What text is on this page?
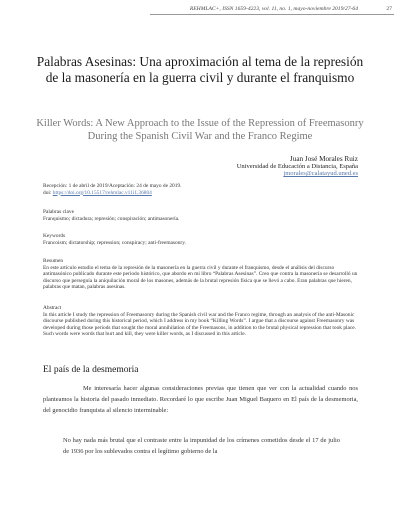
REHMLAC+, ISSN 1659-4223, vol. 11, no. 1, mayo-noviembre 2019/27-64	27
Palabras Asesinas: Una aproximación al tema de la represión de la masonería en la guerra civil y durante el franquismo
Killer Words: A New Approach to the Issue of the Repression of Freemasonry During the Spanish Civil War and the Franco Regime
Juan José Morales Ruiz
Universidad de Educación a Distancia, España
jmorales@calatayud.uned.es
Recepción: 1 de abril de 2019/Aceptación: 24 de mayo de 2019.
doi: https://doi.org/10.15517/rehmlac.v11i1.36804
Palabras clave
Franquismo; dictadura; represión; conspiración; antimasonería.
Keywords
Francoism; dictatorship; repression; conspiracy; anti-freemasonry.
Resumen
En este artículo estudio el tema de la represión de la masonería en la guerra civil y durante el franquismo, desde el análisis del discurso antimasónico publicado durante este periodo histórico, que abordo en mi libro “Palabras Asesinas”. Creo que contra la masonería se desarrolló un discurso que perseguía la aniquilación moral de los masones, además de la brutal represión física que se llevó a cabo. Eran palabras que hieren, palabras que matan, palabras asesinas.
Abstract
In this article I study the repression of Freemasonry during the Spanish civil war and the Franco regime, through an analysis of the anti-Masonic discourse published during this historical period, which I address in my book “Killing Words”. I argue that a discourse against Freemasonry was developed during those periods that sought the moral annihilation of the Freemasons, in addition to the brutal physical repression that took place. Such words were words that hurt and kill, they were killer words, as I discussed in this article.
El país de la desmemoria
Me interesaría hacer algunas consideraciones previas que tienen que ver con la actualidad cuando nos planteamos la historia del pasado inmediato. Recordaré lo que escribe Juan Miguel Baquero en El país de la desmemoria, del genocidio franquista al silencio interminable:
No hay nada más brutal que el contraste entre la impunidad de los crímenes cometidos desde el 17 de julio de 1936 por los sublevados contra el legítimo gobierno de la
